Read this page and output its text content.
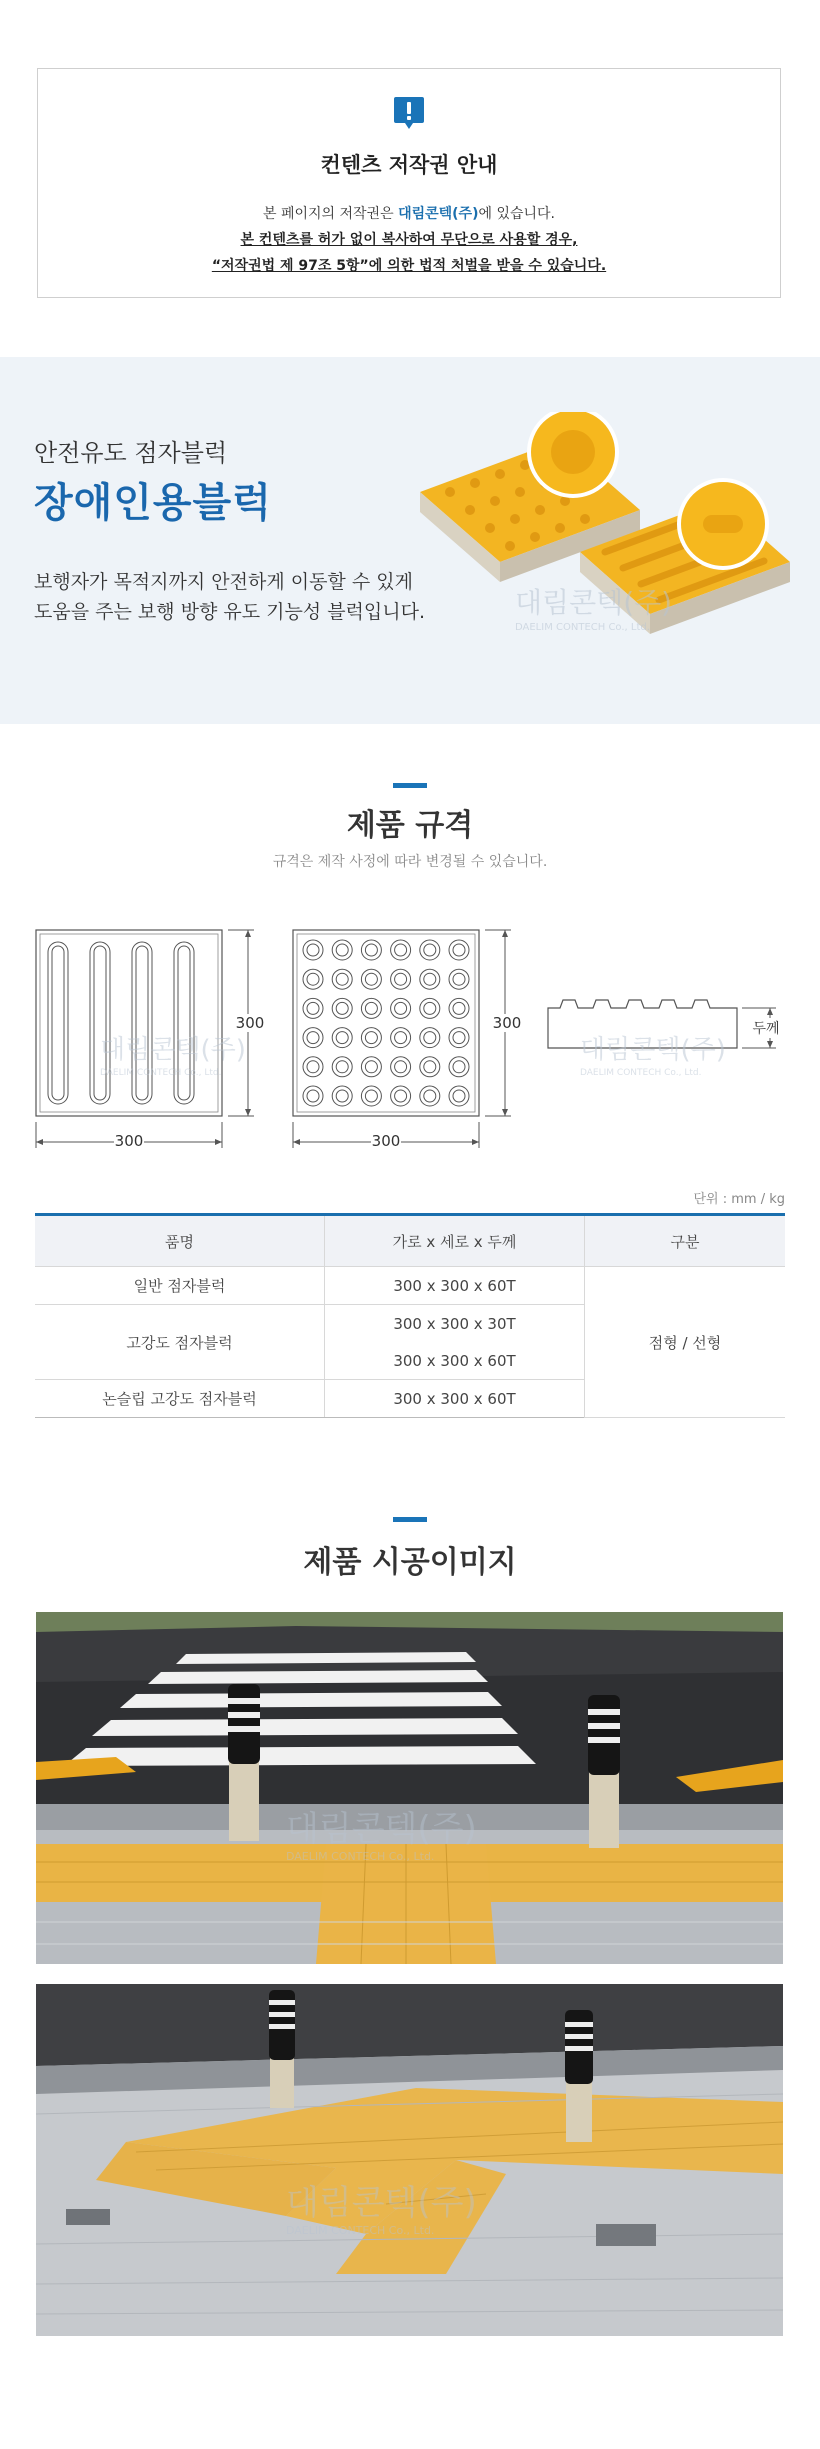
컨텐츠 저작권 안내
본 페이지의 저작권은 대림콘텍(주)에 있습니다.
본 컨텐츠를 허가 없이 복사하여 무단으로 사용할 경우,
“저작권법 제 97조 5항”에 의한 법적 처벌을 받을 수 있습니다.
안전유도 점자블럭
장애인용블럭
보행자가 목적지까지 안전하게 이동할 수 있게
도움을 주는 보행 방향 유도 기능성 블럭입니다.	대림콘텍(주)
DAELIM CONTECH Co., Ltd.
제품 규격
규격은 제작 사정에 따라 변경될 수 있습니다.
300
300
300
300	두께
대림콘텍(주)
DAELIM CONTECH Co., Ltd.
대림콘텍(주)
DAELIM CONTECH Co., Ltd.
단위 : mm / kg
품명	가로 x 세로 x 두께	구분
일반 점자블럭	300 x 300 x 60T	점형 / 선형
고강도 점자블럭	300 x 300 x 30T	
	300 x 300 x 60T	
논슬립 고강도 점자블럭	300 x 300 x 60T	
제품 시공이미지
대림콘텍(주)
DAELIM CONTECH Co., Ltd.
대림콘텍(주)
DAELIM CONTECH Co., Ltd.
